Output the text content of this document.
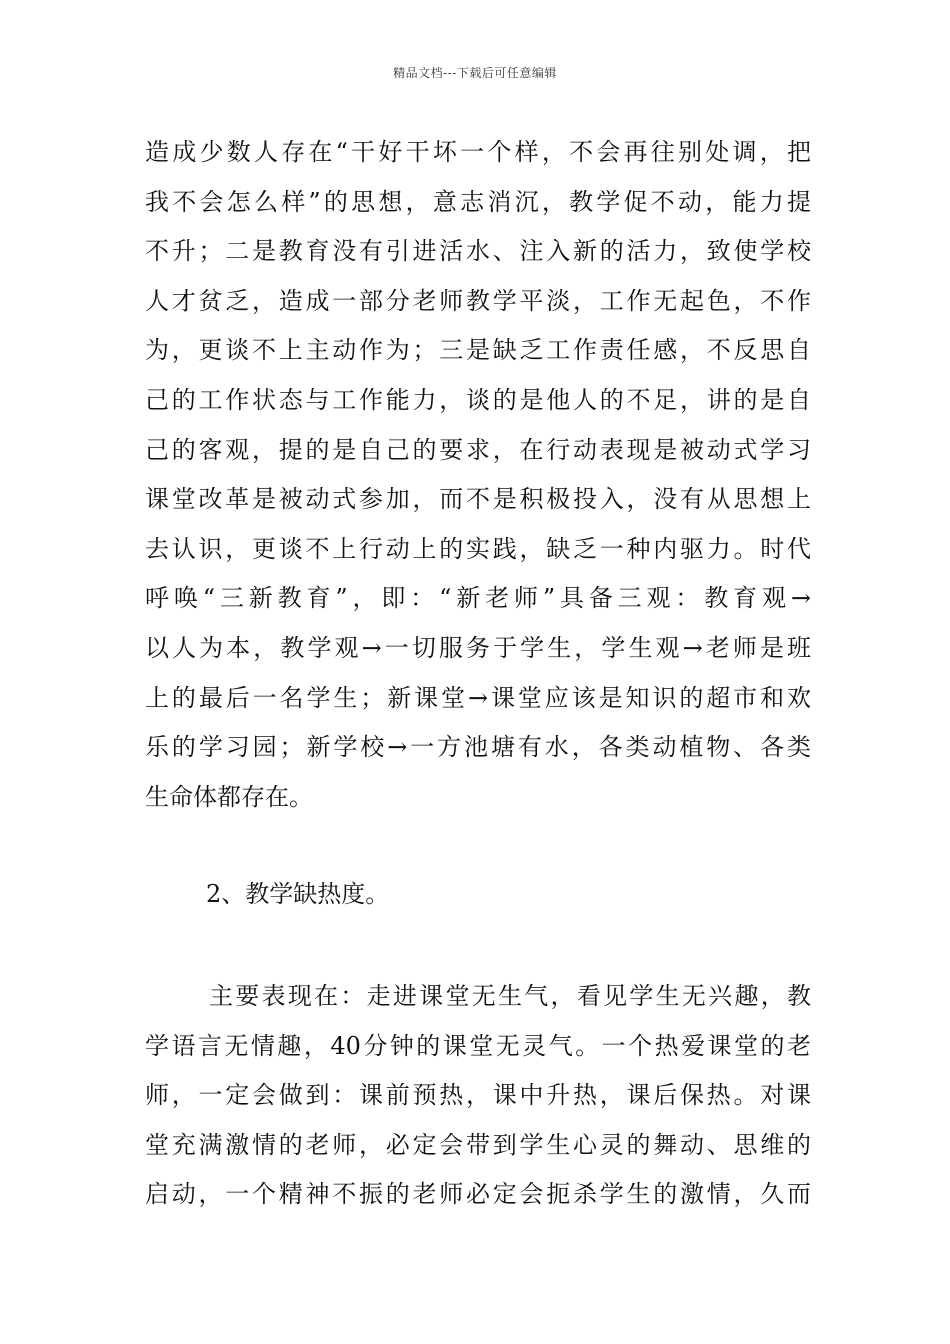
精品文档---下载后可任意编辑
造成少数人存在“干好干坏一个样，不会再往别处调，把
我不会怎么样”的思想，意志消沉，教学促不动，能力提
不升；二是教育没有引进活水、注入新的活力，致使学校
人才贫乏，造成一部分老师教学平淡，工作无起色，不作
为，更谈不上主动作为；三是缺乏工作责任感，不反思自
己的工作状态与工作能力，谈的是他人的不足，讲的是自
己的客观，提的是自己的要求，在行动表现是被动式学习
课堂改革是被动式参加，而不是积极投入，没有从思想上
去认识，更谈不上行动上的实践，缺乏一种内驱力。时代
呼唤“三新教育”，即：“新老师”具备三观：教育观→
以人为本，教学观→一切服务于学生，学生观→老师是班
上的最后一名学生；新课堂→课堂应该是知识的超市和欢
乐的学习园；新学校→一方池塘有水，各类动植物、各类
生命体都存在。
2、教学缺热度。
主要表现在：走进课堂无生气，看见学生无兴趣，教
学语言无情趣，40分钟的课堂无灵气。一个热爱课堂的老
师，一定会做到：课前预热，课中升热，课后保热。对课
堂充满激情的老师，必定会带到学生心灵的舞动、思维的
启动，一个精神不振的老师必定会扼杀学生的激情，久而
